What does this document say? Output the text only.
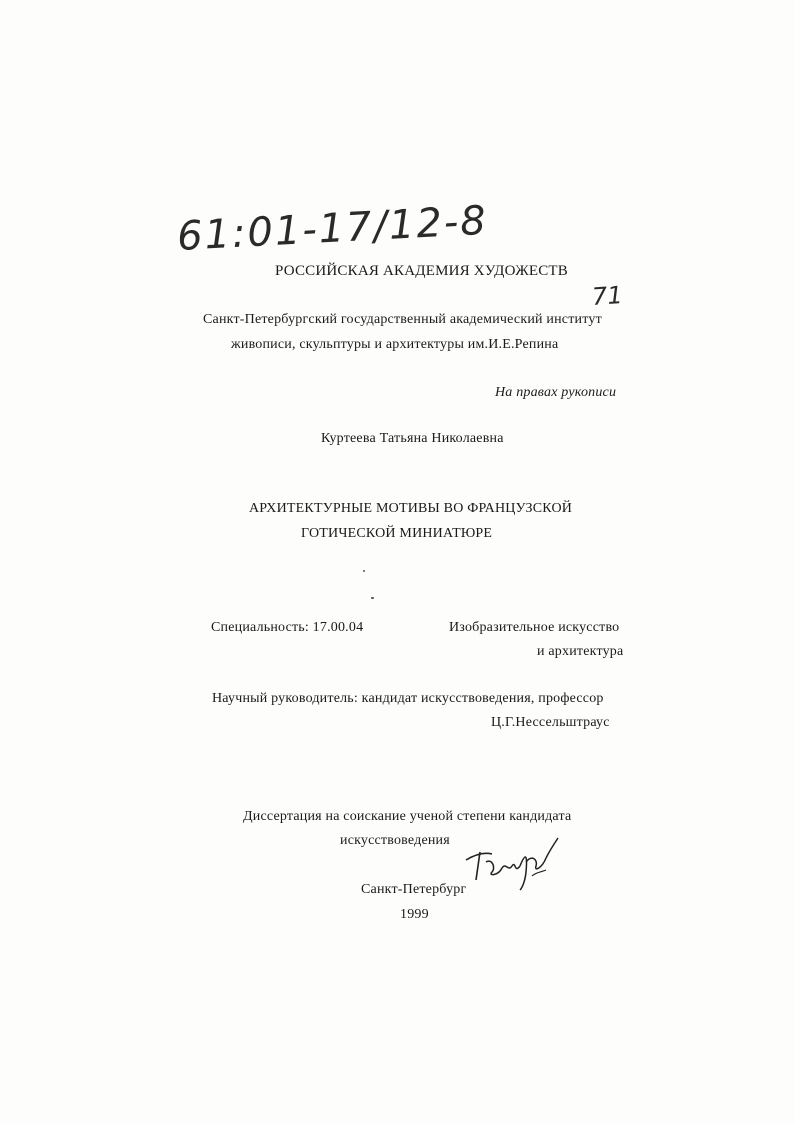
61:01-17/12-8
71
РОССИЙСКАЯ АКАДЕМИЯ ХУДОЖЕСТВ
Санкт-Петербургский государственный академический институт
живописи, скульптуры и архитектуры им.И.Е.Репина
На правах рукописи
Куртеева Татьяна Николаевна
АРХИТЕКТУРНЫЕ МОТИВЫ ВО ФРАНЦУЗСКОЙ
ГОТИЧЕСКОЙ МИНИАТЮРЕ
Специальность: 17.00.04	Изобразительное искусство
и архитектура
Научный руководитель: кандидат искусствоведения, профессор
Ц.Г.Нессельштраус
Диссертация на соискание ученой степени кандидата
искусствоведения
Санкт-Петербург
1999
